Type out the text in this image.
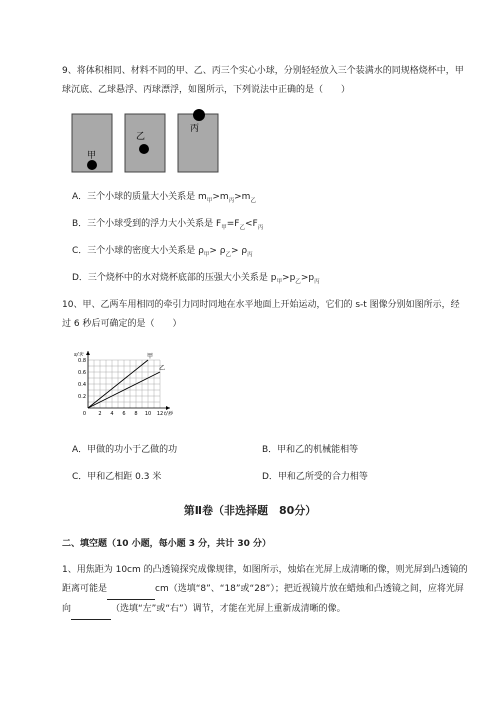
9、将体积相同、材料不同的甲、乙、丙三个实心小球，分别轻轻放入三个装满水的同规格烧杯中，甲
球沉底、乙球悬浮、丙球漂浮，如图所示，下列说法中正确的是（　　）
甲
乙
丙
A．三个小球的质量大小关系是 $m_甲>m_丙>m_乙$
B．三个小球受到的浮力大小关系是 $F_甲=F_乙<F_丙$
C．三个小球的密度大小关系是 $\rho_甲> \rho_乙> \rho_丙$
D．三个烧杯中的水对烧杯底部的压强大小关系是 $p_甲>p_乙>p_丙$
10、甲、乙两车用相同的牵引力同时同地在水平地面上开始运动，它们的 s-t 图像分别如图所示，经
过 6 秒后可确定的是（　　）
甲
乙
2 4 6 8 10 12
0.2
0.4
0.6
0.8
0	t/秒
s/米
A．甲做的功小于乙做的功	B．甲和乙的机械能相等
C．甲和乙相距 0.3 米	D．甲和乙所受的合力相等
第Ⅱ卷（非选择题　80分）
二、填空题（10 小题，每小题 3 分，共计 30 分）
1、用焦距为 10cm 的凸透镜探究成像规律，如图所示，烛焰在光屏上成清晰的像，则光屏到凸透镜的
距离可能是	cm（选填“8”、“18”或“28”）；把近视镜片放在蜡烛和凸透镜之间，应将光屏
向	（选填“左”或“右”）调节，才能在光屏上重新成清晰的像。
